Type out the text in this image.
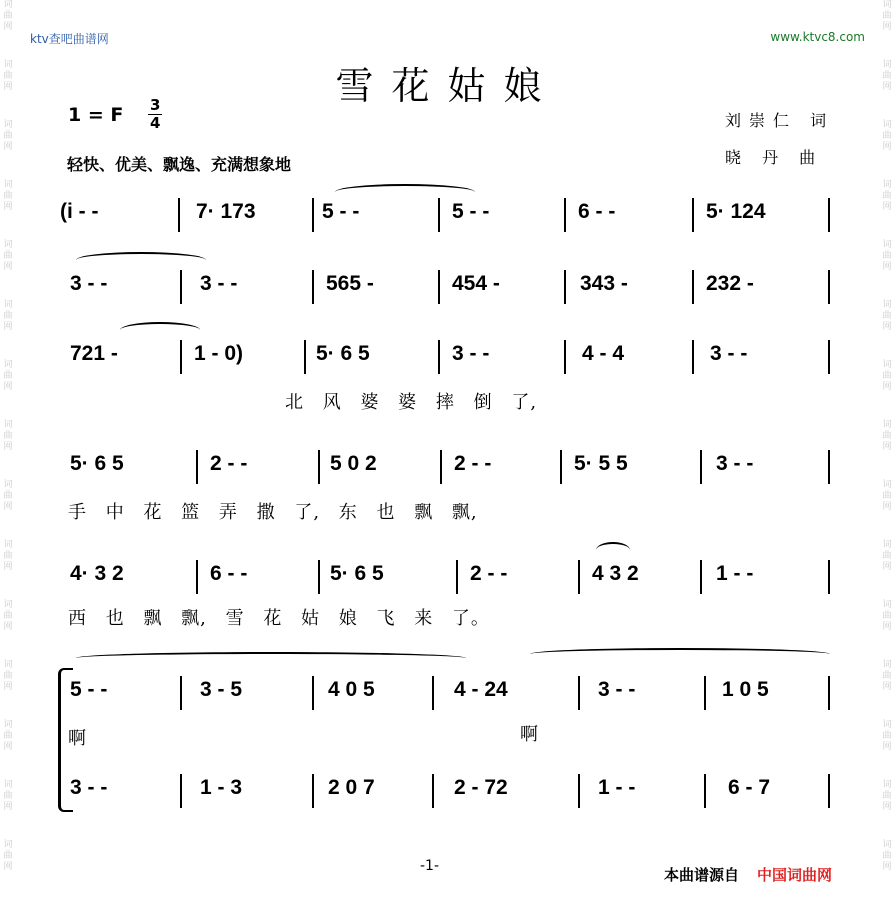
词曲网
词曲网
词曲网
词曲网
词曲网
词曲网
词曲网
词曲网
词曲网
词曲网
词曲网
词曲网
词曲网
词曲网
词曲网
词曲网
词曲网
词曲网
词曲网
词曲网
词曲网
词曲网
词曲网
词曲网
词曲网
词曲网
词曲网
词曲网
词曲网
词曲网
ktv查吧曲谱网	www.ktvc8.com
雪花姑娘
1 = F 3
4
轻快、优美、飘逸、充满想象地
刘崇仁 词
晓 丹 曲
(i - -	7· 173	5 - -	5 - -	6 - -	5· 124
3 - -	3 - -	565 -	454 -	343 -	232 -
721 -	1 - 0)	5· 6 5	3 - -	4 - 4	3 - -
北 风 婆 婆 摔 倒 了,
5· 6 5	2 - -	5 0 2	2 - -	5· 5 5	3 - -
手 中 花 篮 弄 撒 了, 东 也 飘 飘,
4· 3 2	6 - -	5· 6 5	2 - -	4 3 2	1 - -
西 也 飘 飘, 雪 花 姑 娘 飞 来 了。
5 - -	3 - 5	4 0 5	4 - 24	3 - -	1 0 5
啊	啊
3 - -	1 - 3	2 0 7	2 - 72	1 - -	6 - 7
-1-	本曲谱源自 中国词曲网
